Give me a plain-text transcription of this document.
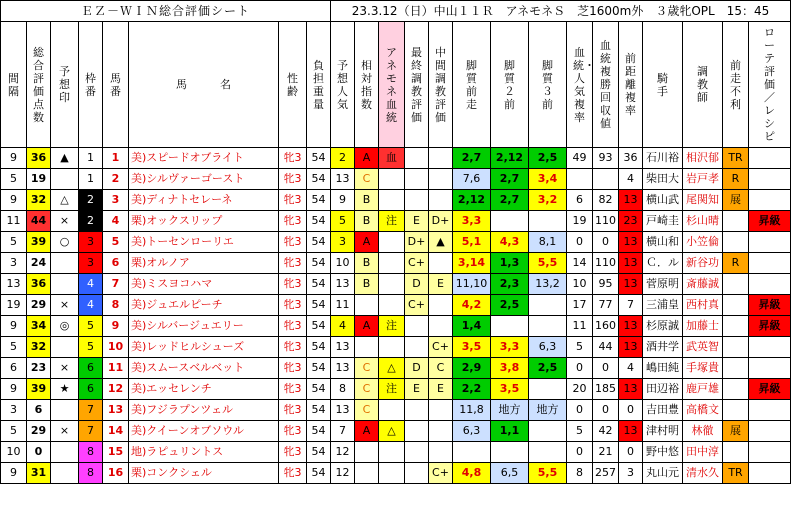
ＥＺ－ＷＩＮ総合評価シート								23.3.12（日）中山１１Ｒ　アネモネＳ　芝1600m外　３歳牝OPL　15：45														
間隔	総合評価点数	予想印	枠番	馬番	馬　　　名	性齢	負担重量	予想人気	相対指数	アネモネ血統	最終調教評価	中間調教評価	脚質前走	脚質２前	脚質３前	血統・人気複率	血統複勝回収値	前距離複率	騎手	調教師	前走不利	ローテ評価／レシピ
9	36	▲	1	1	美)スピードオブライト	牝3	54	2	A	血			2,7	2,12	2,5	49	93	36	石川裕	相沢郁	TR	
5	19		1	2	美)シルヴァーゴースト	牝3	54	13	C				7,6	2,7	3,4			4	柴田大	岩戸孝	R	
9	32	△	2	3	美)ディナトセレーネ	牝3	54	9	B				2,12	2,7	3,2	6	82	13	横山武	尾関知	展	
11	44	×	2	4	栗)オックスリップ	牝3	54	5	B	注	E	D+	3,3			19	110	23	戸崎圭	杉山晴		昇級
5	39	○	3	5	美)トーセンローリエ	牝3	54	3	A		D+	▲	5,1	4,3	8,1	0	0	13	横山和	小笠倫		
3	24		3	6	栗)オルノア	牝3	54	10	B		C+		3,14	1,3	5,5	14	110	13	Ｃ．ル	新谷功	R	
13	36		4	7	美)ミスヨコハマ	牝3	54	13	B		D	E	11,10	2,3	13,2	10	95	13	菅原明	斎藤誠		
19	29	×	4	8	美)ジュエルピーチ	牝3	54	11			C+		4,2	2,5		17	77	7	三浦皇	西村真		昇級
9	34	◎	5	9	美)シルバージュエリー	牝3	54	4	A	注			1,4			11	160	13	杉原誠	加藤士		昇級
5	32		5	10	美)レッドヒルシューズ	牝3	54	13				C+	3,5	3,3	6,3	5	44	13	酒井学	武英智		
6	23	×	6	11	美)スムースベルベット	牝3	54	13	C	△	D	C	2,9	3,8	2,5	0	0	4	嶋田純	手塚貴		
9	39	★	6	12	美)エッセレンチ	牝3	54	8	C	注	E	E	2,2	3,5		20	185	13	田辺裕	鹿戸雄		昇級
3	6		7	13	美)フジラプンツェル	牝3	54	13	C				11,8	地方	地方	0	0	0	吉田豊	高橋文		
5	29	×	7	14	美)クイーンオブソウル	牝3	54	7	A	△			6,3	1,1		5	42	13	津村明	林徹	展	
10	0		8	15	地)ラピュリントス	牝3	54	12								0	21	0	野中悠	田中淳		
9	31		8	16	栗)コンクシェル	牝3	54	12				C+	4,8	6,5	5,5	8	257	3	丸山元	清水久	TR	
